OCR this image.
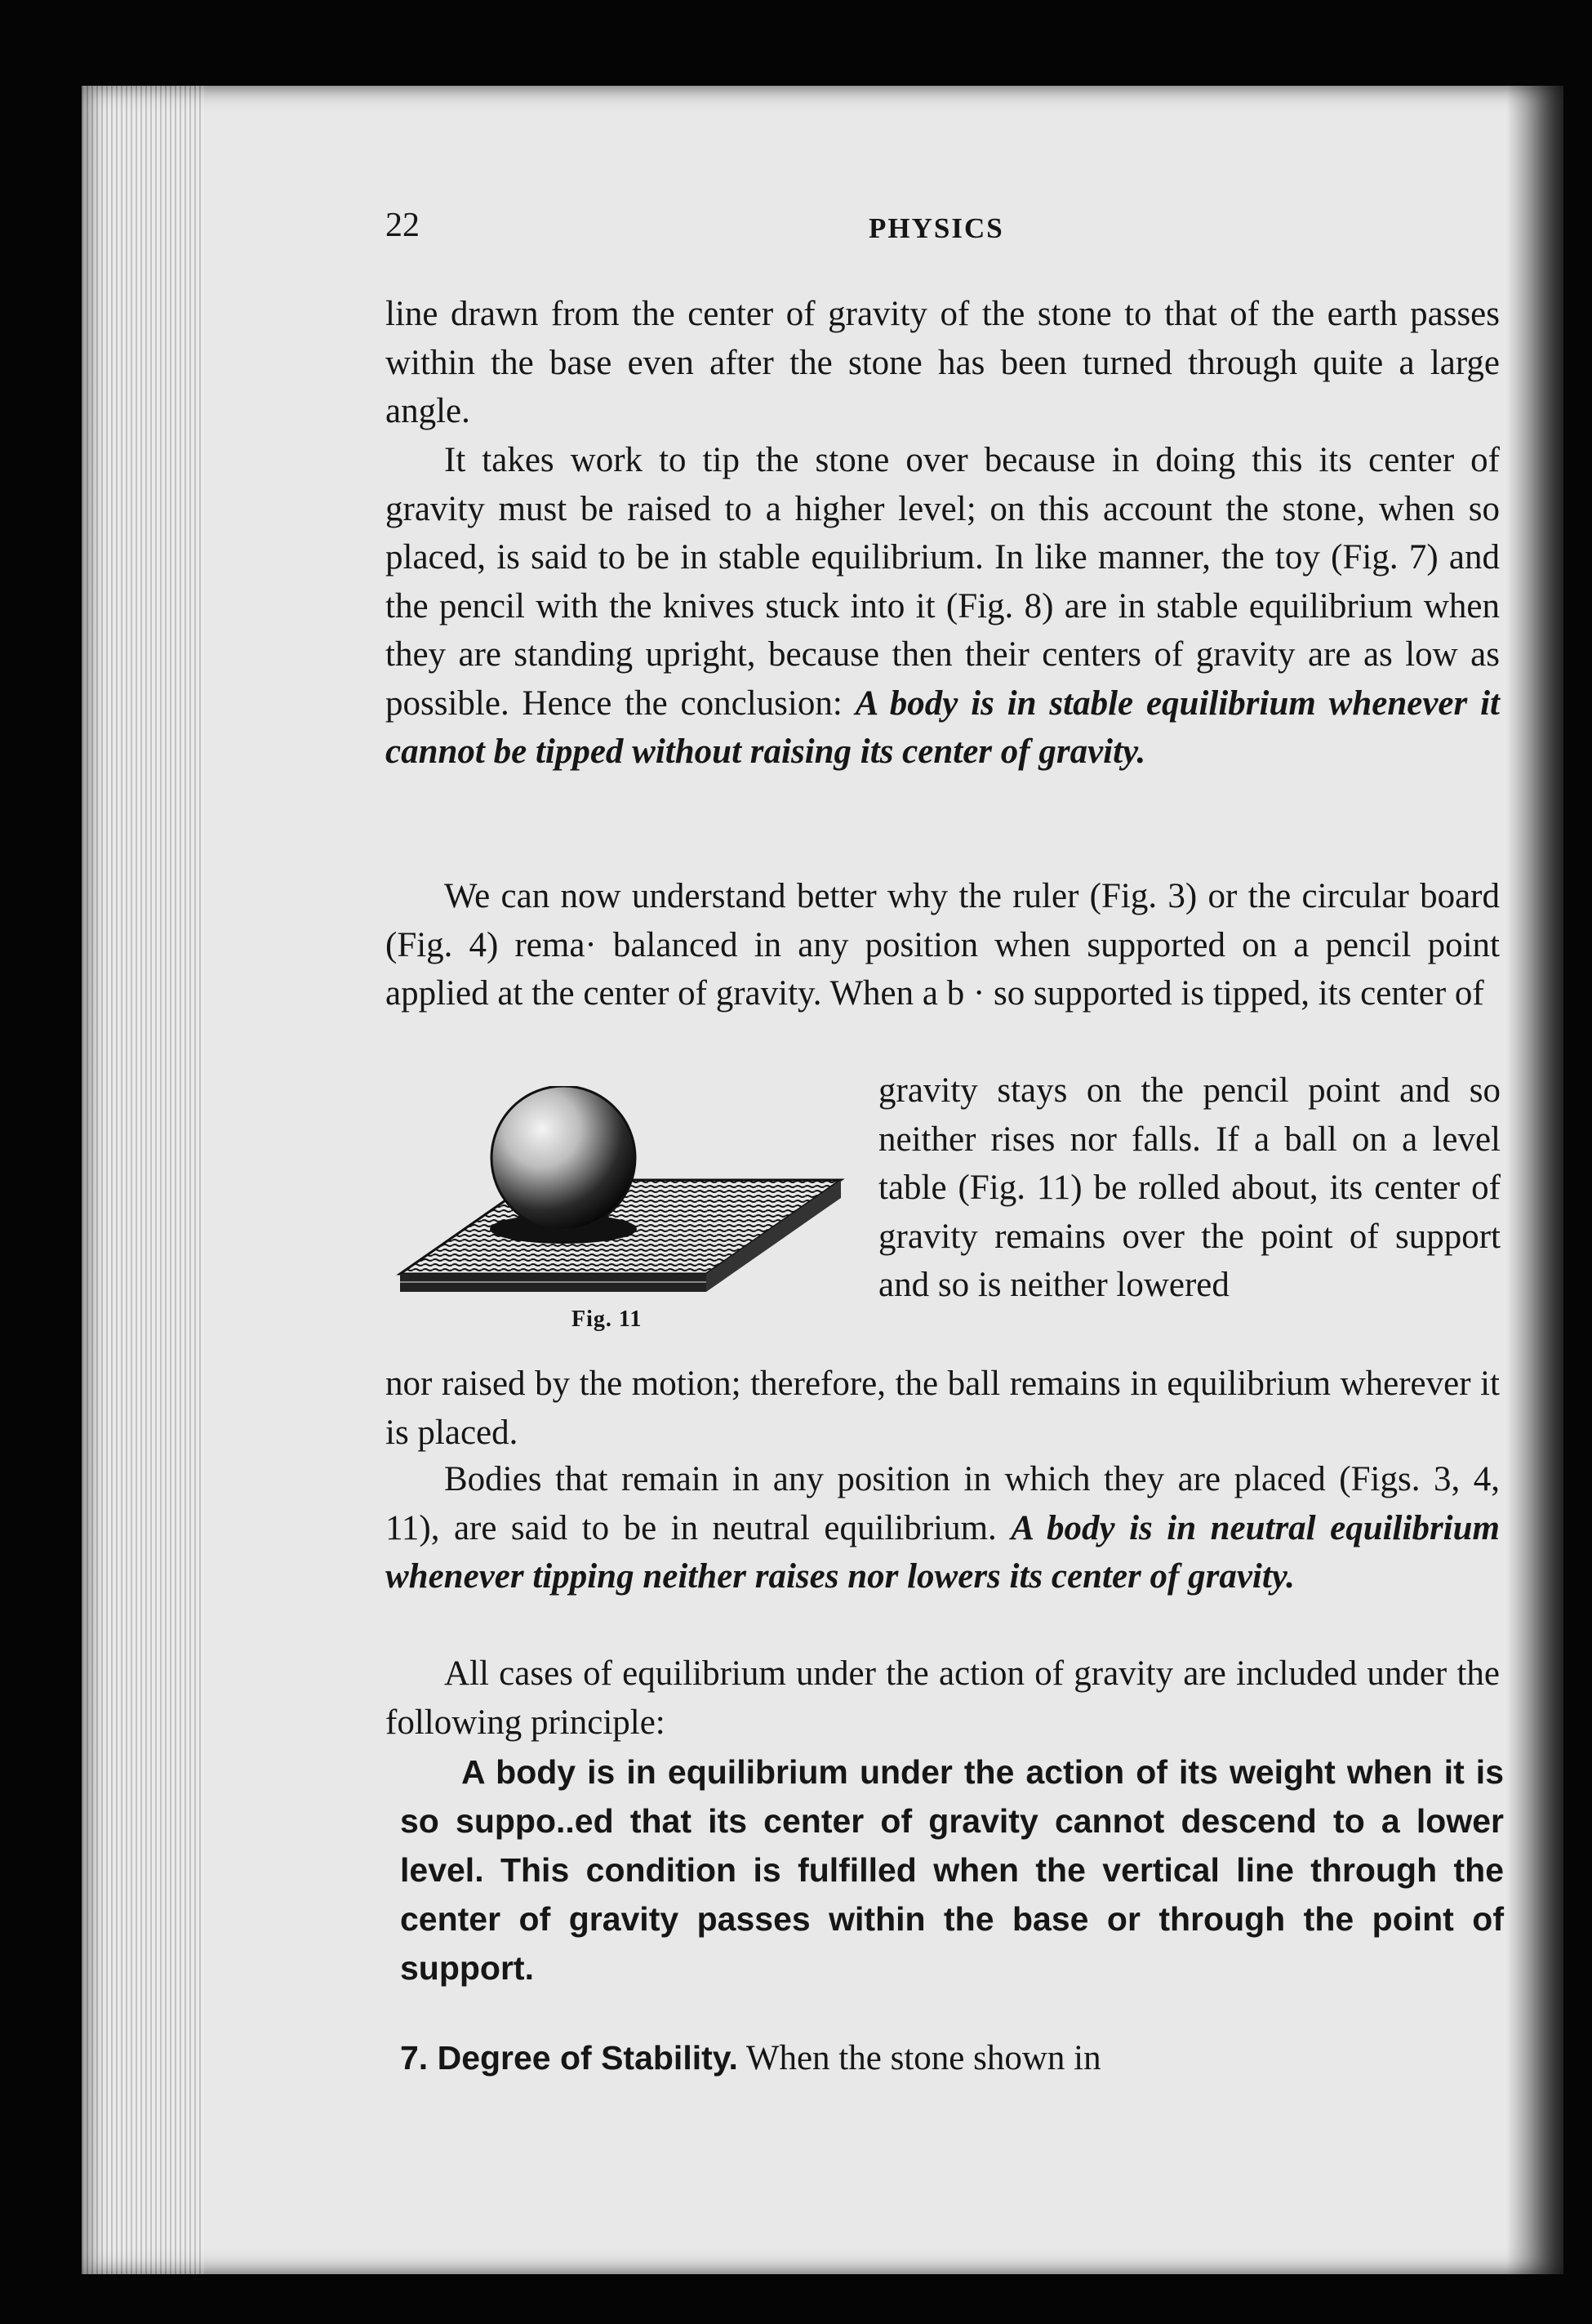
22	PHYSICS

line drawn from the center of gravity of the stone to that of the earth passes within the base even after the stone has been turned through quite a large angle.

It takes work to tip the stone over because in doing this its center of gravity must be raised to a higher level; on this account the stone, when so placed, is said to be in stable equilibrium. In like manner, the toy (Fig. 7) and the pencil with the knives stuck into it (Fig. 8) are in stable equilibrium when they are standing upright, because then their centers of gravity are as low as possible. Hence the conclusion: A body is in stable equilibrium whenever it cannot be tipped without raising its center of gravity.

We can now understand better why the ruler (Fig. 3) or the circular board (Fig. 4) rema· balanced in any position when supported on a pencil point applied at the center of gravity. When a b · so supported is tipped, its center of

gravity stays on the pencil point and so neither rises nor falls. If a ball on a level table (Fig. 11) be rolled about, its center of gravity remains over the point of support and so is neither lowered

Fig. 11

nor raised by the motion; therefore, the ball remains in equilibrium wherever it is placed.

Bodies that remain in any position in which they are placed (Figs. 3, 4, 11), are said to be in neutral equilibrium. A body is in neutral equilibrium whenever tipping neither raises nor lowers its center of gravity.

All cases of equilibrium under the action of gravity are included under the following principle:

A body is in equilibrium under the action of its weight when it is so suppo..ed that its center of gravity cannot descend to a lower level. This condition is fulfilled when the vertical line through the center of gravity passes within the base or through the point of support.

7. Degree of Stability. When the stone shown in
